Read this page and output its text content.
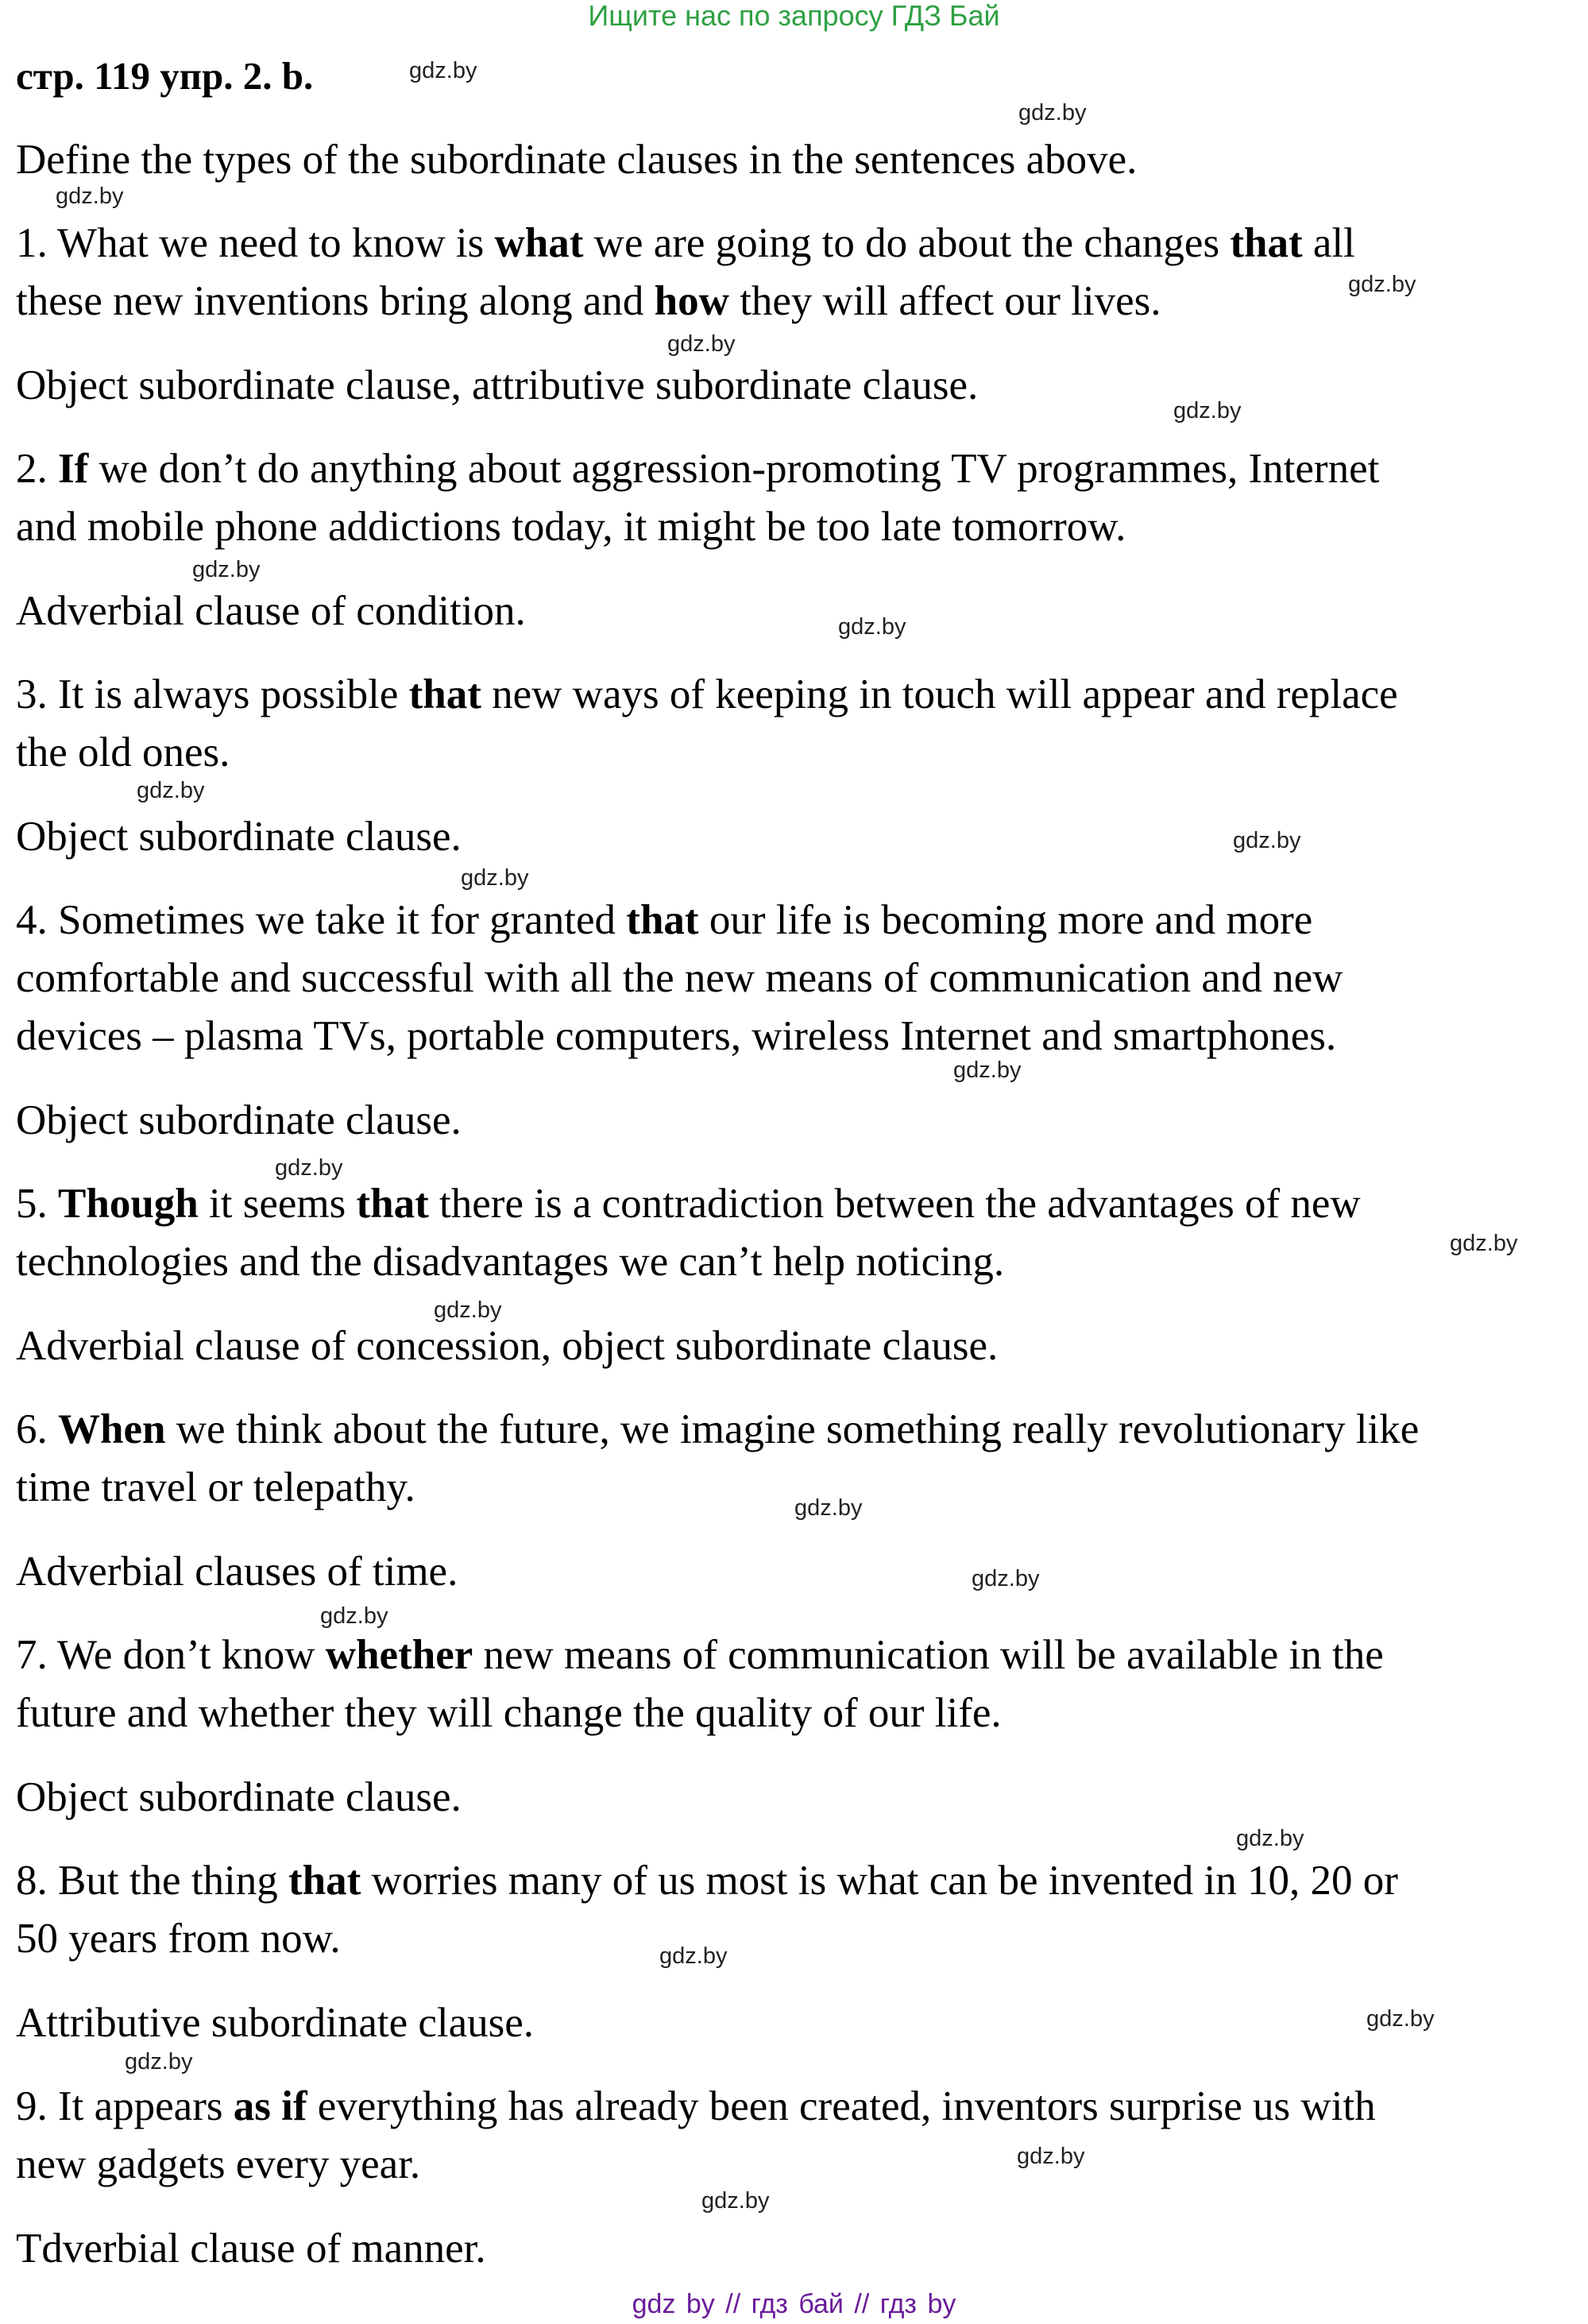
Ищите нас по запросу ГДЗ Бай
стр. 119 упр. 2. b.
Define the types of the subordinate clauses in the sentences above.
1. What we need to know is what we are going to do about the changes that all
these new inventions bring along and how they will affect our lives.
Object subordinate clause, attributive subordinate clause.
2. If we don’t do anything about aggression-promoting TV programmes, Internet
and mobile phone addictions today, it might be too late tomorrow.
Adverbial clause of condition.
3. It is always possible that new ways of keeping in touch will appear and replace
the old ones.
Object subordinate clause.
4. Sometimes we take it for granted that our life is becoming more and more
comfortable and successful with all the new means of communication and new
devices – plasma TVs, portable computers, wireless Internet and smartphones.
Object subordinate clause.
5. Though it seems that there is a contradiction between the advantages of new
technologies and the disadvantages we can’t help noticing.
Adverbial clause of concession, object subordinate clause.
6. When we think about the future, we imagine something really revolutionary like
time travel or telepathy.
Adverbial clauses of time.
7. We don’t know whether new means of communication will be available in the
future and whether they will change the quality of our life.
Object subordinate clause.
8. But the thing that worries many of us most is what can be invented in 10, 20 or
50 years from now.
Attributive subordinate clause.
9. It appears as if everything has already been created, inventors surprise us with
new gadgets every year.
Tdverbial clause of manner.
gdz.by
gdz.by
gdz.by
gdz.by
gdz.by
gdz.by
gdz.by
gdz.by
gdz.by
gdz.by
gdz.by
gdz.by
gdz.by
gdz.by
gdz.by
gdz.by
gdz.by
gdz.by
gdz.by
gdz.by
gdz.by
gdz.by
gdz.by
gdz.by
gdz by // гдз бай // гдз by
